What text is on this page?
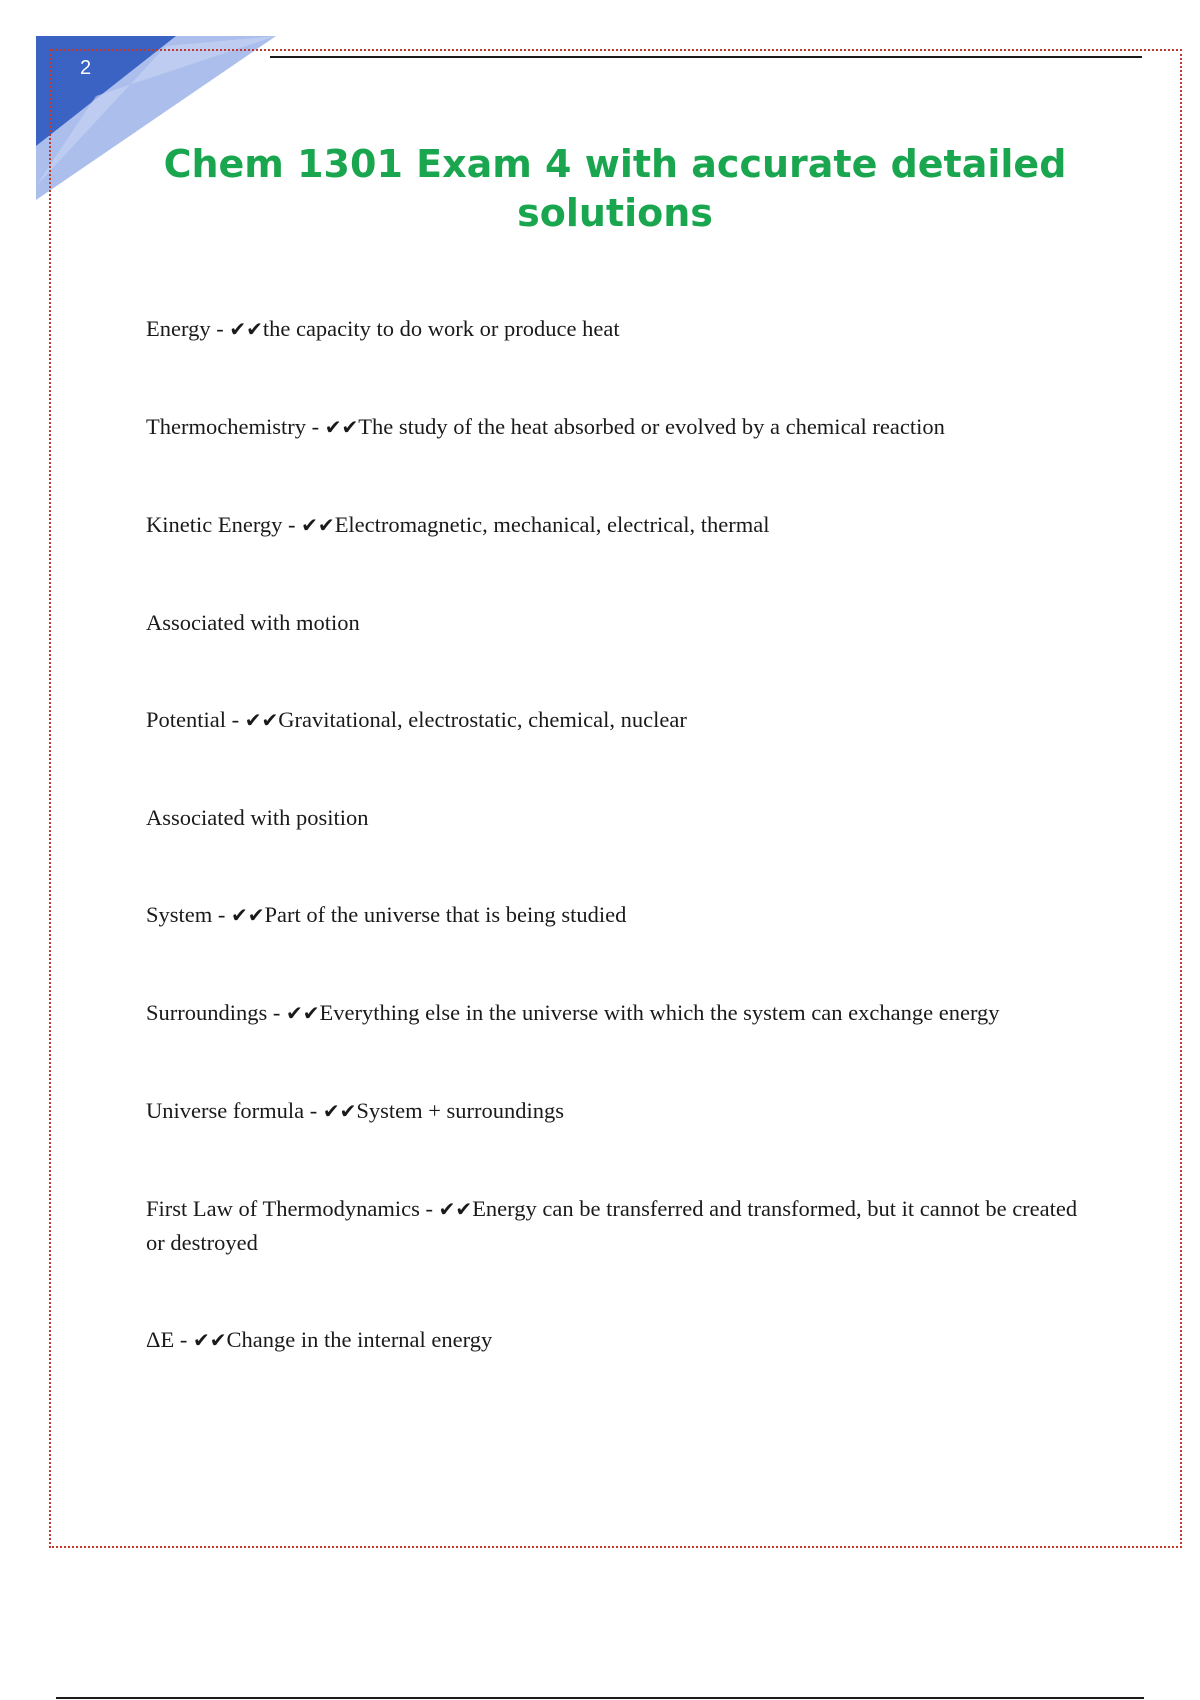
2
Chem 1301 Exam 4 with accurate detailed solutions
Energy - ✔✔the capacity to do work or produce heat
Thermochemistry - ✔✔The study of the heat absorbed or evolved by a chemical reaction
Kinetic Energy - ✔✔Electromagnetic, mechanical, electrical, thermal
Associated with motion
Potential - ✔✔Gravitational, electrostatic, chemical, nuclear
Associated with position
System - ✔✔Part of the universe that is being studied
Surroundings - ✔✔Everything else in the universe with which the system can exchange energy
Universe formula - ✔✔System + surroundings
First Law of Thermodynamics - ✔✔Energy can be transferred and transformed, but it cannot be created or destroyed
ΔE - ✔✔Change in the internal energy
